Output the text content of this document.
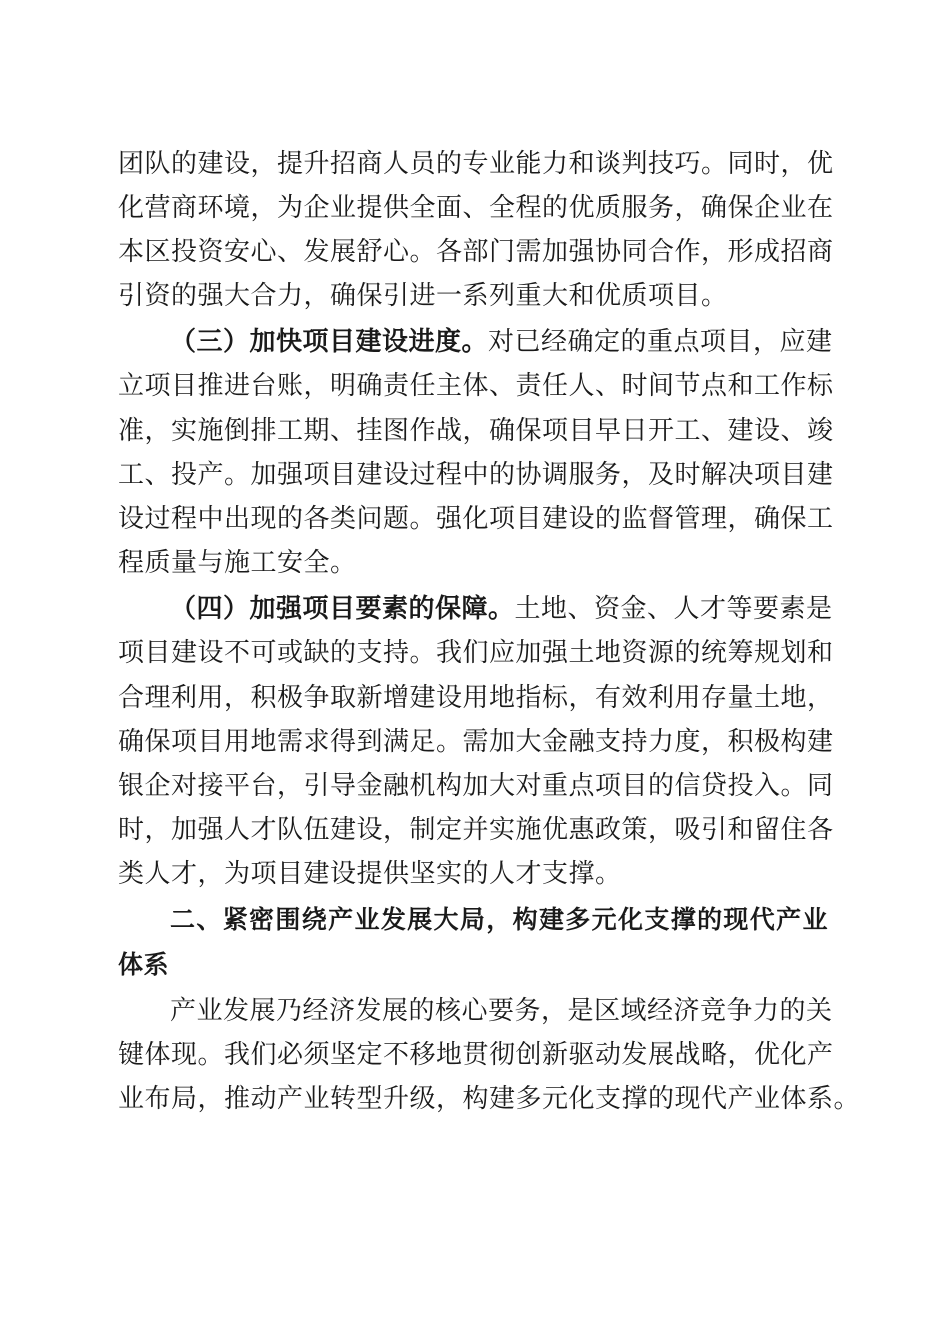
团队的建设，提升招商人员的专业能力和谈判技巧。同时，优
化营商环境，为企业提供全面、全程的优质服务，确保企业在
本区投资安心、发展舒心。各部门需加强协同合作，形成招商
引资的强大合力，确保引进一系列重大和优质项目。
（三）加快项目建设进度。对已经确定的重点项目，应建
立项目推进台账，明确责任主体、责任人、时间节点和工作标
准，实施倒排工期、挂图作战，确保项目早日开工、建设、竣
工、投产。加强项目建设过程中的协调服务，及时解决项目建
设过程中出现的各类问题。强化项目建设的监督管理，确保工
程质量与施工安全。
（四）加强项目要素的保障。土地、资金、人才等要素是
项目建设不可或缺的支持。我们应加强土地资源的统筹规划和
合理利用，积极争取新增建设用地指标，有效利用存量土地，
确保项目用地需求得到满足。需加大金融支持力度，积极构建
银企对接平台，引导金融机构加大对重点项目的信贷投入。同
时，加强人才队伍建设，制定并实施优惠政策，吸引和留住各
类人才，为项目建设提供坚实的人才支撑。
二、紧密围绕产业发展大局，构建多元化支撑的现代产业
体系
产业发展乃经济发展的核心要务，是区域经济竞争力的关
键体现。我们必须坚定不移地贯彻创新驱动发展战略，优化产
业布局，推动产业转型升级，构建多元化支撑的现代产业体系。
